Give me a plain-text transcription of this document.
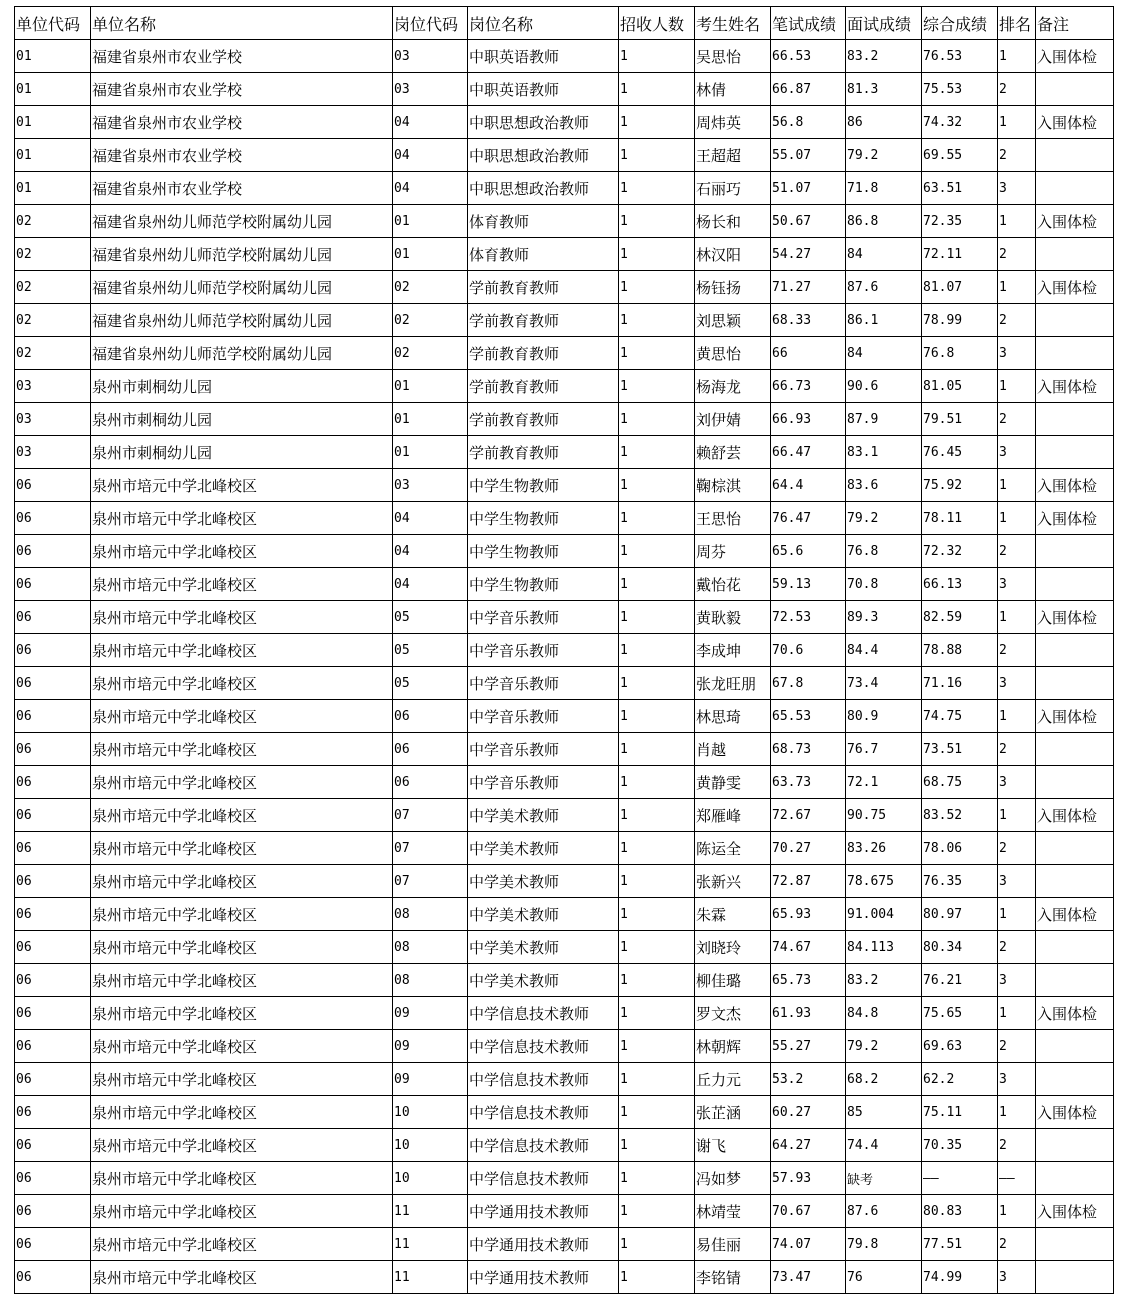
单位代码	单位名称	岗位代码	岗位名称	招收人数	考生姓名	笔试成绩	面试成绩	综合成绩	排名	备注
01	福建省泉州市农业学校	03	中职英语教师	1	吴思怡	66.53	83.2	76.53	1	入围体检
01	福建省泉州市农业学校	03	中职英语教师	1	林倩	66.87	81.3	75.53	2	
01	福建省泉州市农业学校	04	中职思想政治教师	1	周炜英	56.8	86	74.32	1	入围体检
01	福建省泉州市农业学校	04	中职思想政治教师	1	王超超	55.07	79.2	69.55	2	
01	福建省泉州市农业学校	04	中职思想政治教师	1	石丽巧	51.07	71.8	63.51	3	
02	福建省泉州幼儿师范学校附属幼儿园	01	体育教师	1	杨长和	50.67	86.8	72.35	1	入围体检
02	福建省泉州幼儿师范学校附属幼儿园	01	体育教师	1	林汉阳	54.27	84	72.11	2	
02	福建省泉州幼儿师范学校附属幼儿园	02	学前教育教师	1	杨钰扬	71.27	87.6	81.07	1	入围体检
02	福建省泉州幼儿师范学校附属幼儿园	02	学前教育教师	1	刘思颖	68.33	86.1	78.99	2	
02	福建省泉州幼儿师范学校附属幼儿园	02	学前教育教师	1	黄思怡	66	84	76.8	3	
03	泉州市刺桐幼儿园	01	学前教育教师	1	杨海龙	66.73	90.6	81.05	1	入围体检
03	泉州市刺桐幼儿园	01	学前教育教师	1	刘伊婧	66.93	87.9	79.51	2	
03	泉州市刺桐幼儿园	01	学前教育教师	1	赖舒芸	66.47	83.1	76.45	3	
06	泉州市培元中学北峰校区	03	中学生物教师	1	鞠棕淇	64.4	83.6	75.92	1	入围体检
06	泉州市培元中学北峰校区	04	中学生物教师	1	王思怡	76.47	79.2	78.11	1	入围体检
06	泉州市培元中学北峰校区	04	中学生物教师	1	周芬	65.6	76.8	72.32	2	
06	泉州市培元中学北峰校区	04	中学生物教师	1	戴怡花	59.13	70.8	66.13	3	
06	泉州市培元中学北峰校区	05	中学音乐教师	1	黄耿毅	72.53	89.3	82.59	1	入围体检
06	泉州市培元中学北峰校区	05	中学音乐教师	1	李成坤	70.6	84.4	78.88	2	
06	泉州市培元中学北峰校区	05	中学音乐教师	1	张龙旺朋	67.8	73.4	71.16	3	
06	泉州市培元中学北峰校区	06	中学音乐教师	1	林思琦	65.53	80.9	74.75	1	入围体检
06	泉州市培元中学北峰校区	06	中学音乐教师	1	肖越	68.73	76.7	73.51	2	
06	泉州市培元中学北峰校区	06	中学音乐教师	1	黄静雯	63.73	72.1	68.75	3	
06	泉州市培元中学北峰校区	07	中学美术教师	1	郑雁峰	72.67	90.75	83.52	1	入围体检
06	泉州市培元中学北峰校区	07	中学美术教师	1	陈运全	70.27	83.26	78.06	2	
06	泉州市培元中学北峰校区	07	中学美术教师	1	张新兴	72.87	78.675	76.35	3	
06	泉州市培元中学北峰校区	08	中学美术教师	1	朱霖	65.93	91.004	80.97	1	入围体检
06	泉州市培元中学北峰校区	08	中学美术教师	1	刘晓玲	74.67	84.113	80.34	2	
06	泉州市培元中学北峰校区	08	中学美术教师	1	柳佳璐	65.73	83.2	76.21	3	
06	泉州市培元中学北峰校区	09	中学信息技术教师	1	罗文杰	61.93	84.8	75.65	1	入围体检
06	泉州市培元中学北峰校区	09	中学信息技术教师	1	林朝辉	55.27	79.2	69.63	2	
06	泉州市培元中学北峰校区	09	中学信息技术教师	1	丘力元	53.2	68.2	62.2	3	
06	泉州市培元中学北峰校区	10	中学信息技术教师	1	张芷涵	60.27	85	75.11	1	入围体检
06	泉州市培元中学北峰校区	10	中学信息技术教师	1	谢飞	64.27	74.4	70.35	2	
06	泉州市培元中学北峰校区	10	中学信息技术教师	1	冯如梦	57.93	缺考	——	——	
06	泉州市培元中学北峰校区	11	中学通用技术教师	1	林靖莹	70.67	87.6	80.83	1	入围体检
06	泉州市培元中学北峰校区	11	中学通用技术教师	1	易佳丽	74.07	79.8	77.51	2	
06	泉州市培元中学北峰校区	11	中学通用技术教师	1	李铭锖	73.47	76	74.99	3	
